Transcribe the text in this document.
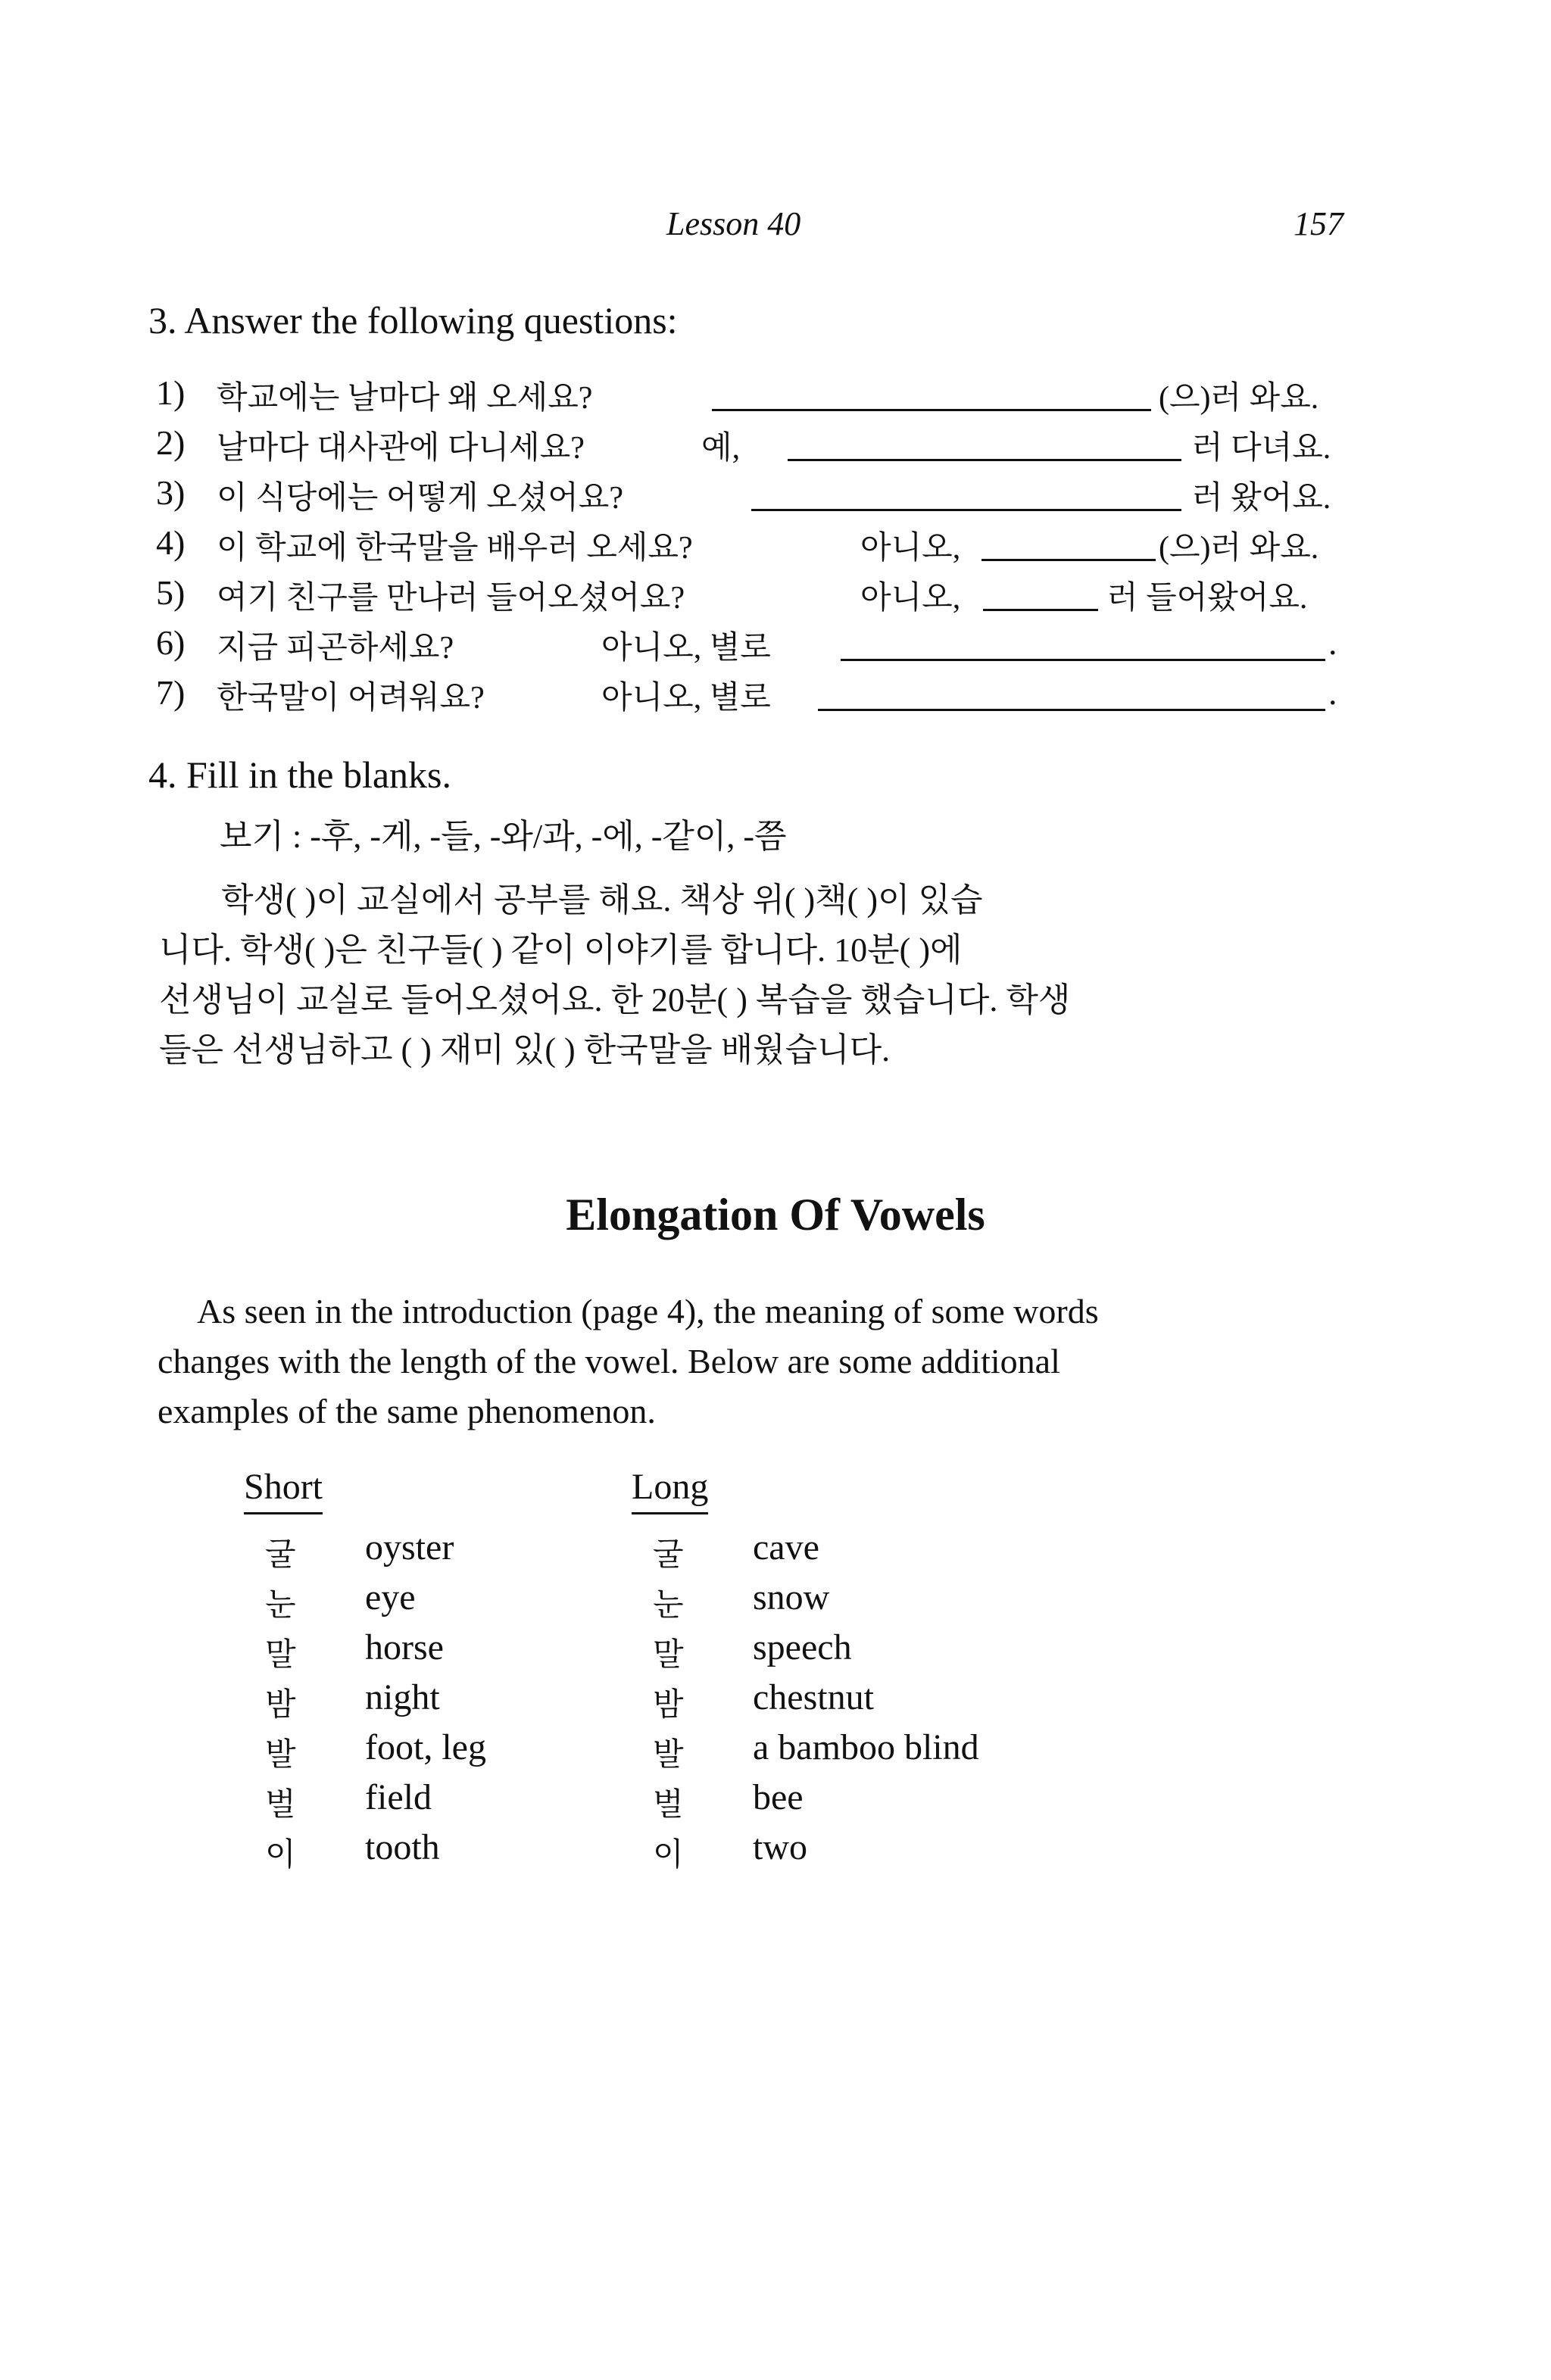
Lesson 40	157
3. Answer the following questions:
1) 학교에는 날마다 왜 오세요?	(으)러 와요.
2) 날마다 대사관에 다니세요?	예,	러 다녀요.
3) 이 식당에는 어떻게 오셨어요?	러 왔어요.
4) 이 학교에 한국말을 배우러 오세요?	아니오,	(으)러 와요.
5) 여기 친구를 만나러 들어오셨어요?	아니오,	러 들어왔어요.
6) 지금 피곤하세요?	아니오, 별로	.
7) 한국말이 어려워요?	아니오, 별로	.
4. Fill in the blanks.
보기 : -후, -게, -들, -와/과, -에, -같이, -쯤
학생( )이 교실에서 공부를 해요. 책상 위( )책( )이 있습
니다. 학생( )은 친구들( ) 같이 이야기를 합니다. 10분( )에
선생님이 교실로 들어오셨어요. 한 20분( ) 복습을 했습니다. 학생
들은 선생님하고 ( ) 재미 있( ) 한국말을 배웠습니다.
Elongation Of Vowels
As seen in the introduction (page 4), the meaning of some words
changes with the length of the vowel. Below are some additional
examples of the same phenomenon.
Short	Long
굴 oyster	굴 cave
눈 eye	눈 snow
말 horse	말 speech
밤 night	밤 chestnut
발 foot, leg	발 a bamboo blind
벌 field	벌 bee
이 tooth	이 two
